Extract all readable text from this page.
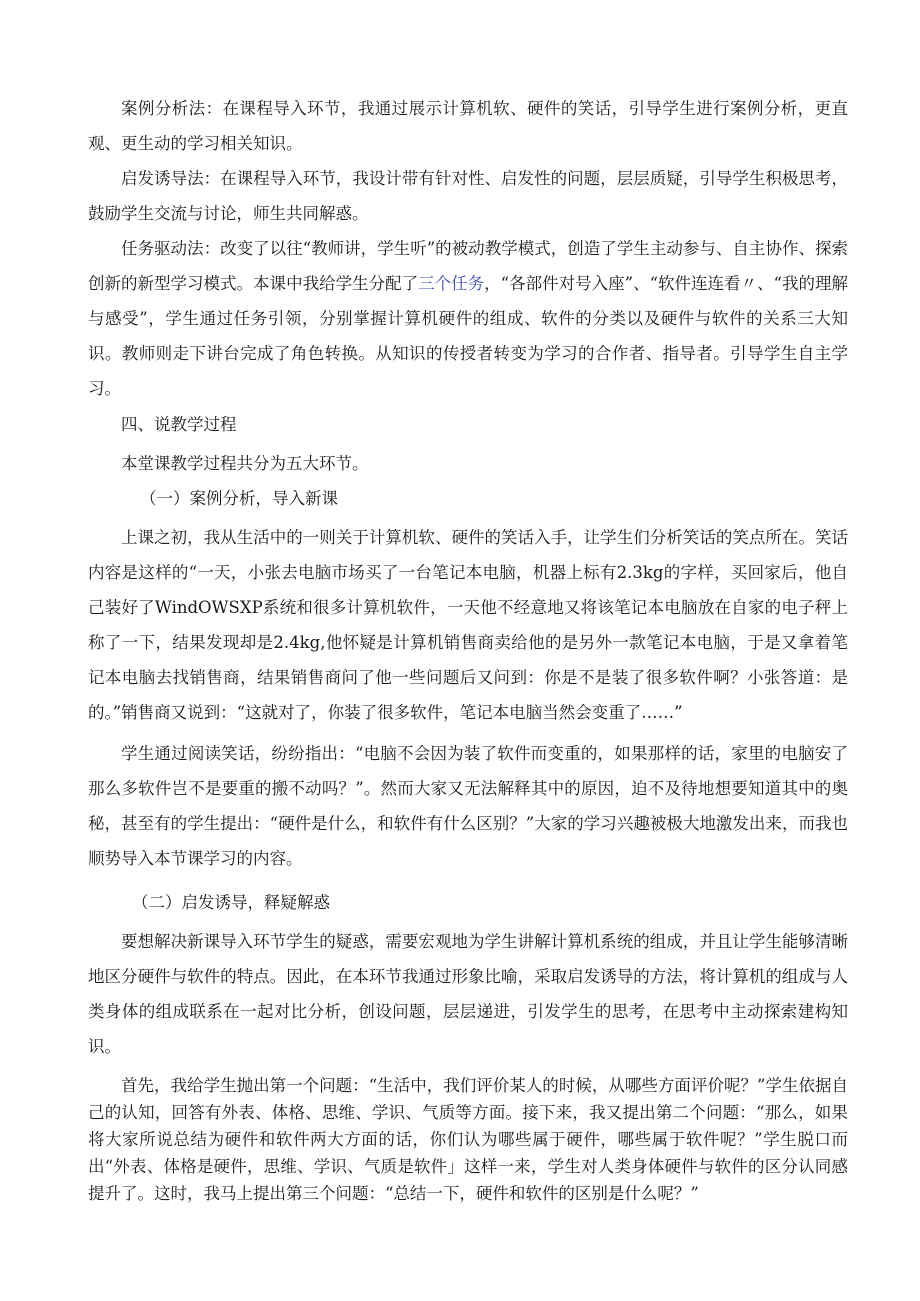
案例分析法：在课程导入环节，我通过展示计算机软、硬件的笑话，引导学生进行案例分析，更直观、更生动的学习相关知识。

启发诱导法：在课程导入环节，我设计带有针对性、启发性的问题，层层质疑，引导学生积极思考，鼓励学生交流与讨论，师生共同解惑。

任务驱动法：改变了以往“教师讲，学生听”的被动教学模式，创造了学生主动参与、自主协作、探索创新的新型学习模式。本课中我给学生分配了三个任务，“各部件对号入座”、“软件连连看〃、“我的理解与感受”，学生通过任务引领，分别掌握计算机硬件的组成、软件的分类以及硬件与软件的关系三大知识。教师则走下讲台完成了角色转换。从知识的传授者转变为学习的合作者、指导者。引导学生自主学习。

四、说教学过程

本堂课教学过程共分为五大环节。

（一）案例分析，导入新课

上课之初，我从生活中的一则关于计算机软、硬件的笑话入手，让学生们分析笑话的笑点所在。笑话内容是这样的“一天，小张去电脑市场买了一台笔记本电脑，机器上标有2.3kg的字样，买回家后，他自己装好了WindOWSXP系统和很多计算机软件，一天他不经意地又将该笔记本电脑放在自家的电子秤上称了一下，结果发现却是2.4kg,他怀疑是计算机销售商卖给他的是另外一款笔记本电脑，于是又拿着笔记本电脑去找销售商，结果销售商问了他一些问题后又问到：你是不是装了很多软件啊？小张答道：是的。”销售商又说到：“这就对了，你装了很多软件，笔记本电脑当然会变重了……”

学生通过阅读笑话，纷纷指出：“电脑不会因为装了软件而变重的，如果那样的话，家里的电脑安了那么多软件岂不是要重的搬不动吗？”。然而大家又无法解释其中的原因，迫不及待地想要知道其中的奥秘，甚至有的学生提出：“硬件是什么，和软件有什么区别？”大家的学习兴趣被极大地激发出来，而我也顺势导入本节课学习的内容。

（二）启发诱导，释疑解惑

要想解决新课导入环节学生的疑惑，需要宏观地为学生讲解计算机系统的组成，并且让学生能够清晰地区分硬件与软件的特点。因此，在本环节我通过形象比喻，采取启发诱导的方法，将计算机的组成与人类身体的组成联系在一起对比分析，创设问题，层层递进，引发学生的思考，在思考中主动探索建构知识。

首先，我给学生抛出第一个问题：“生活中，我们评价某人的时候，从哪些方面评价呢？”学生依据自己的认知，回答有外表、体格、思维、学识、气质等方面。接下来，我又提出第二个问题：“那么，如果将大家所说总结为硬件和软件两大方面的话，你们认为哪些属于硬件，哪些属于软件呢？”学生脱口而出“外表、体格是硬件，思维、学识、气质是软件」这样一来，学生对人类身体硬件与软件的区分认同感提升了。这时，我马上提出第三个问题：“总结一下，硬件和软件的区别是什么呢？”
